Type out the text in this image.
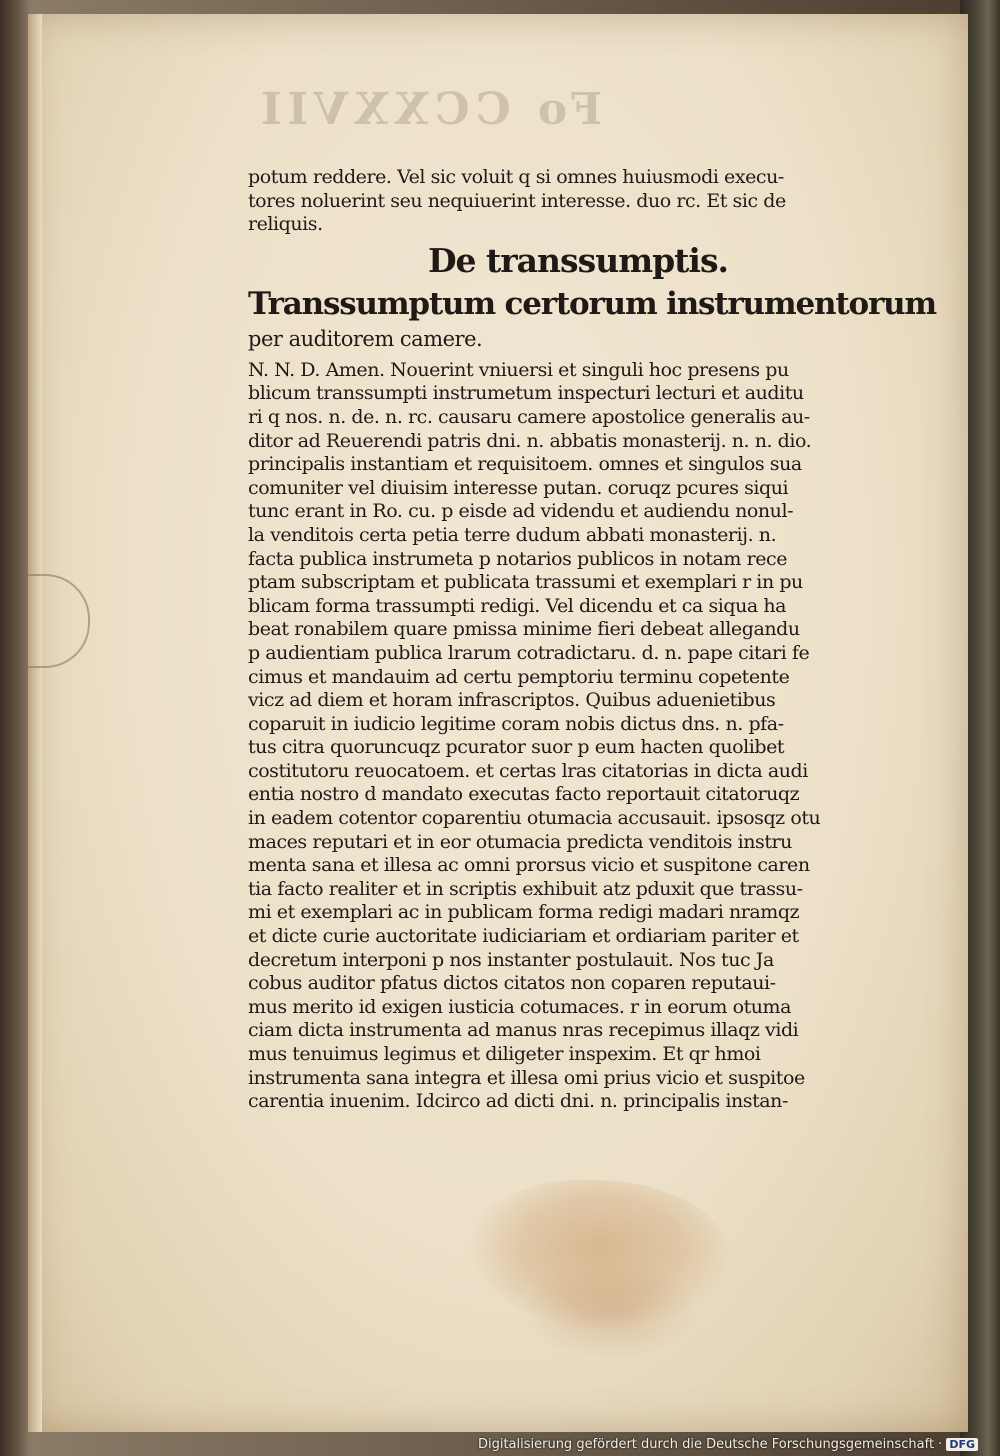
Fo CCXXVII
potum reddere. Vel sic voluit q si omnes huiusmodi execu-
tores noluerint seu nequiuerint interesse. duo rc. Et sic de
reliquis.
De transsumptis.
Transsumptum certorum instrumentorum
per auditorem camere.
N. N. D. Amen. Nouerint vniuersi et singuli hoc presens pu
blicum transsumpti instrumetum inspecturi lecturi et auditu
ri q nos. n. de. n. rc. causaru camere apostolice generalis au-
ditor ad Reuerendi patris dni. n. abbatis monasterij. n. n. dio.
principalis instantiam et requisitoem. omnes et singulos sua
comuniter vel diuisim interesse putan. coruqz pcures siqui
tunc erant in Ro. cu. p eisde ad videndu et audiendu nonul-
la venditois certa petia terre dudum abbati monasterij. n.
facta publica instrumeta p notarios publicos in notam rece
ptam subscriptam et publicata trassumi et exemplari r in pu
blicam forma trassumpti redigi. Vel dicendu et ca siqua ha
beat ronabilem quare pmissa minime fieri debeat allegandu
p audientiam publica lrarum cotradictaru. d. n. pape citari fe
cimus et mandauim ad certu pemptoriu terminu copetente
vicz ad diem et horam infrascriptos. Quibus aduenietibus
coparuit in iudicio legitime coram nobis dictus dns. n. pfa-
tus citra quoruncuqz pcurator suor p eum hacten quolibet
costitutoru reuocatoem. et certas lras citatorias in dicta audi
entia nostro d mandato executas facto reportauit citatoruqz
in eadem cotentor coparentiu otumacia accusauit. ipsosqz otu
maces reputari et in eor otumacia predicta venditois instru
menta sana et illesa ac omni prorsus vicio et suspitone caren
tia facto realiter et in scriptis exhibuit atz pduxit que trassu-
mi et exemplari ac in publicam forma redigi madari nramqz
et dicte curie auctoritate iudiciariam et ordiariam pariter et
decretum interponi p nos instanter postulauit. Nos tuc Ja
cobus auditor pfatus dictos citatos non coparen reputaui-
mus merito id exigen iusticia cotumaces. r in eorum otuma
ciam dicta instrumenta ad manus nras recepimus illaqz vidi
mus tenuimus legimus et diligeter inspexim. Et qr hmoi
instrumenta sana integra et illesa omi prius vicio et suspitoe
carentia inuenim. Idcirco ad dicti dni. n. principalis instan-
Digitalisierung gefördert durch die Deutsche Forschungsgemeinschaft · DFG
